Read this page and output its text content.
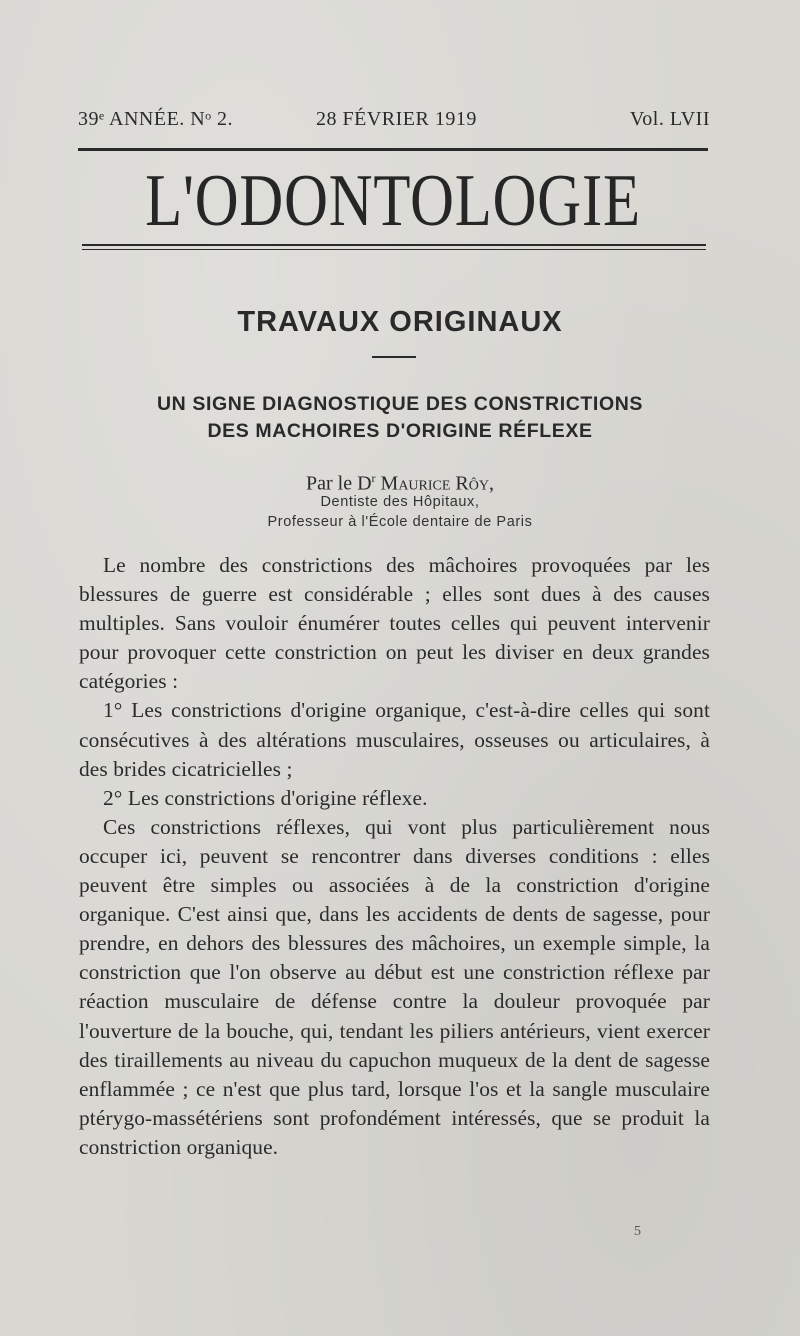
39ᵉ ANNÉE. Nᵒ 2.	28 FÉVRIER 1919	Vol. LVII
L'ODONTOLOGIE
TRAVAUX ORIGINAUX
UN SIGNE DIAGNOSTIQUE DES CONSTRICTIONS
DES MACHOIRES D'ORIGINE RÉFLEXE
Par le $D^r$ Maurice Rôy,
Dentiste des Hôpitaux,
Professeur à l'École dentaire de Paris

Le nombre des constrictions des mâchoires provoquées par les blessures de guerre est considérable ; elles sont dues à des causes multiples. Sans vouloir énumérer toutes celles qui peuvent intervenir pour provoquer cette constriction on peut les diviser en deux grandes catégories :

1° Les constrictions d'origine organique, c'est-à-dire celles qui sont consécutives à des altérations musculaires, osseuses ou articulaires, à des brides cicatricielles ;

2° Les constrictions d'origine réflexe.

Ces constrictions réflexes, qui vont plus particulièrement nous occuper ici, peuvent se rencontrer dans diverses conditions : elles peuvent être simples ou associées à de la constriction d'origine organique. C'est ainsi que, dans les accidents de dents de sagesse, pour prendre, en dehors des blessures des mâchoires, un exemple simple, la constriction que l'on observe au début est une constriction réflexe par réaction musculaire de défense contre la douleur provoquée par l'ouverture de la bouche, qui, tendant les piliers antérieurs, vient exercer des tiraillements au niveau du capuchon muqueux de la dent de sagesse enflammée ; ce n'est que plus tard, lorsque l'os et la sangle musculaire ptérygo-massétériens sont profondément intéressés, que se produit la constriction organique.

5
